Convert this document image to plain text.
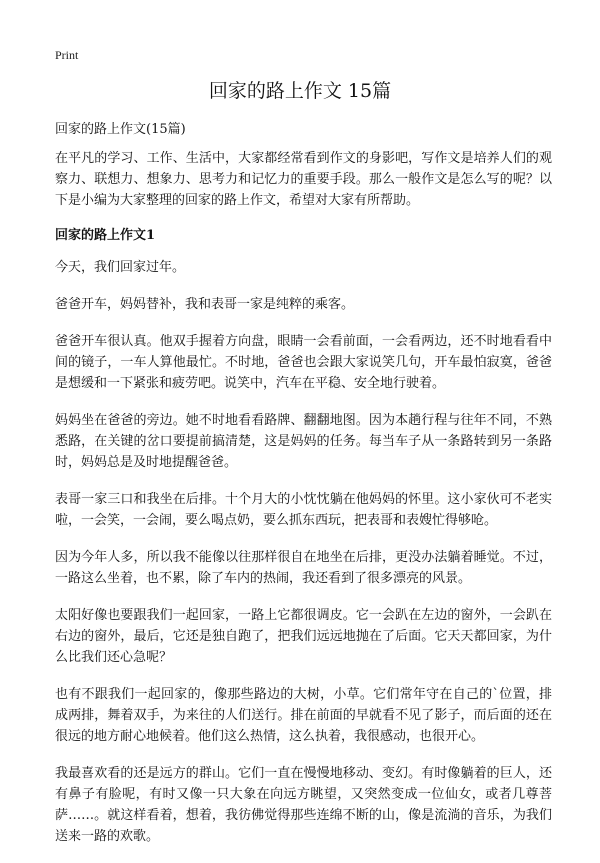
Print
回家的路上作文 15篇
回家的路上作文(15篇)

在平凡的学习、工作、生活中，大家都经常看到作文的身影吧，写作文是培养人们的观察力、联想力、想象力、思考力和记忆力的重要手段。那么一般作文是怎么写的呢？以下是小编为大家整理的回家的路上作文，希望对大家有所帮助。

回家的路上作文1

今天，我们回家过年。

爸爸开车，妈妈替补，我和表哥一家是纯粹的乘客。

爸爸开车很认真。他双手握着方向盘，眼睛一会看前面，一会看两边，还不时地看看中间的镜子，一车人算他最忙。不时地，爸爸也会跟大家说笑几句，开车最怕寂寞，爸爸是想缓和一下紧张和疲劳吧。说笑中，汽车在平稳、安全地行驶着。

妈妈坐在爸爸的旁边。她不时地看看路牌、翻翻地图。因为本趟行程与往年不同，不熟悉路，在关键的岔口要提前搞清楚，这是妈妈的任务。每当车子从一条路转到另一条路时，妈妈总是及时地提醒爸爸。

表哥一家三口和我坐在后排。十个月大的小忱忱躺在他妈妈的怀里。这小家伙可不老实啦，一会笑，一会闹，要么喝点奶，要么抓东西玩，把表哥和表嫂忙得够呛。

因为今年人多，所以我不能像以往那样很自在地坐在后排，更没办法躺着睡觉。不过，一路这么坐着，也不累，除了车内的热闹，我还看到了很多漂亮的风景。

太阳好像也要跟我们一起回家，一路上它都很调皮。它一会趴在左边的窗外，一会趴在右边的窗外，最后，它还是独自跑了，把我们远远地抛在了后面。它天天都回家，为什么比我们还心急呢？

也有不跟我们一起回家的，像那些路边的大树，小草。它们常年守在自己的`位置，排成两排，舞着双手，为来往的人们送行。排在前面的早就看不见了影子，而后面的还在很远的地方耐心地候着。他们这么热情，这么执着，我很感动，也很开心。

我最喜欢看的还是远方的群山。它们一直在慢慢地移动、变幻。有时像躺着的巨人，还有鼻子有脸呢，有时又像一只大象在向远方眺望，又突然变成一位仙女，或者几尊菩萨……。就这样看着，想着，我彷佛觉得那些连绵不断的山，像是流淌的音乐，为我们送来一路的欢歌。
